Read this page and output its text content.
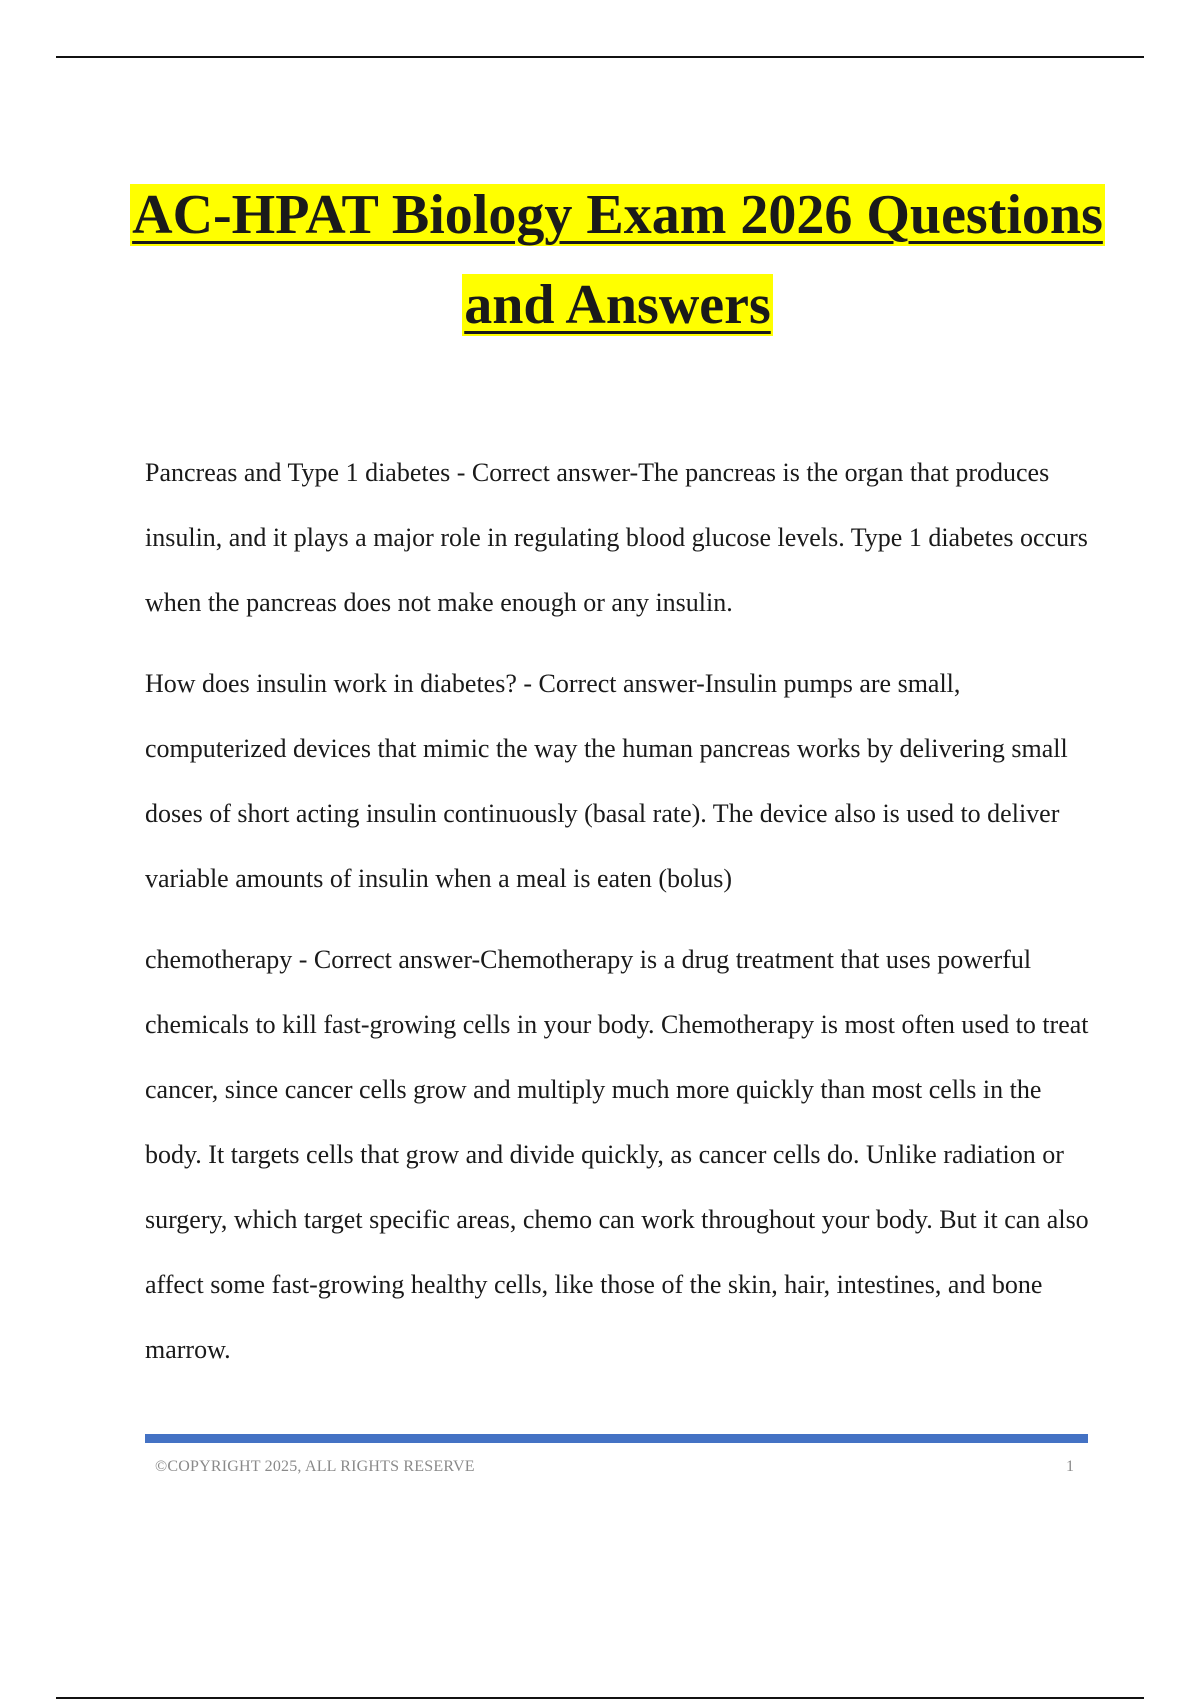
AC-HPAT Biology Exam 2026 Questions

and Answers

Pancreas and Type 1 diabetes - Correct answer-The pancreas is the organ that produces insulin, and it plays a major role in regulating blood glucose levels. Type 1 diabetes occurs when the pancreas does not make enough or any insulin.

How does insulin work in diabetes? - Correct answer-Insulin pumps are small, computerized devices that mimic the way the human pancreas works by delivering small doses of short acting insulin continuously (basal rate). The device also is used to deliver variable amounts of insulin when a meal is eaten (bolus)

chemotherapy - Correct answer-Chemotherapy is a drug treatment that uses powerful chemicals to kill fast-growing cells in your body. Chemotherapy is most often used to treat cancer, since cancer cells grow and multiply much more quickly than most cells in the body. It targets cells that grow and divide quickly, as cancer cells do. Unlike radiation or surgery, which target specific areas, chemo can work throughout your body. But it can also affect some fast-growing healthy cells, like those of the skin, hair, intestines, and bone marrow.

©COPYRIGHT 2025, ALL RIGHTS RESERVE	1
